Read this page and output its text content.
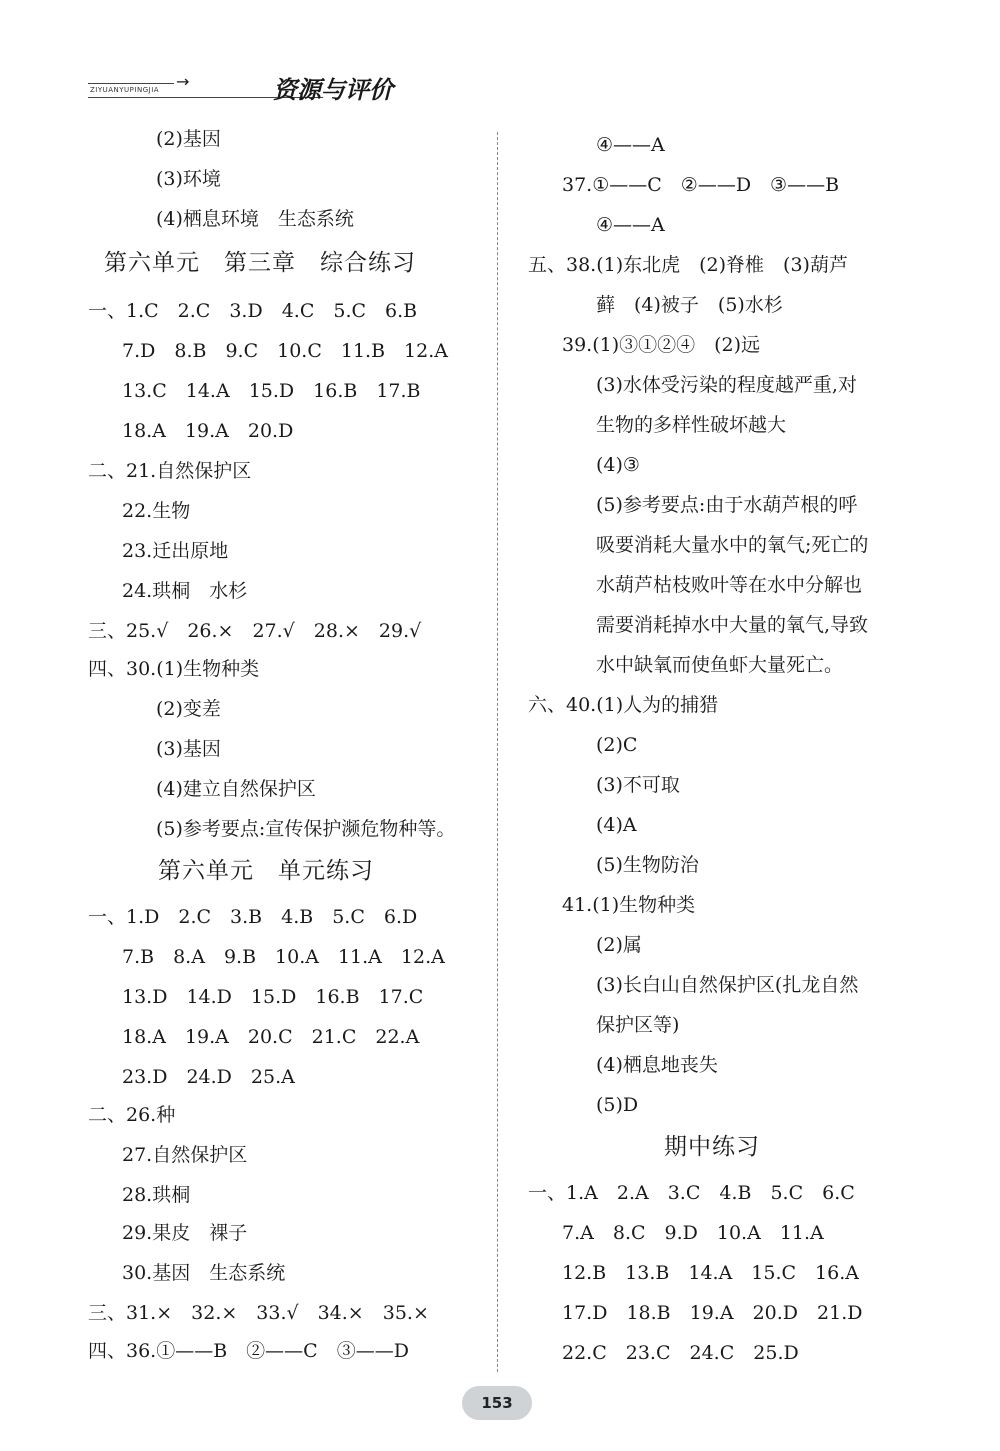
ZIYUANYUPINGJIA →	资源与评价
(2)基因
(3)环境
(4)栖息环境　生态系统
第六单元　第三章　综合练习
一、1.C　2.C　3.D　4.C　5.C　6.B
7.D　8.B　9.C　10.C　11.B　12.A
13.C　14.A　15.D　16.B　17.B
18.A　19.A　20.D
二、21.自然保护区
22.生物
23.迁出原地
24.珙桐　水杉
三、25.√　26.×　27.√　28.×　29.√
四、30.(1)生物种类
(2)变差
(3)基因
(4)建立自然保护区
(5)参考要点:宣传保护濒危物种等。
第六单元　单元练习
一、1.D　2.C　3.B　4.B　5.C　6.D
7.B　8.A　9.B　10.A　11.A　12.A
13.D　14.D　15.D　16.B　17.C
18.A　19.A　20.C　21.C　22.A
23.D　24.D　25.A
二、26.种
27.自然保护区
28.珙桐
29.果皮　裸子
30.基因　生态系统
三、31.×　32.×　33.√　34.×　35.×
四、36.①——B　②——C　③——D
④——A
37.①——C　②——D　③——B
④——A
五、38.(1)东北虎　(2)脊椎　(3)葫芦
藓　(4)被子　(5)水杉
39.(1)③①②④　(2)远
(3)水体受污染的程度越严重,对
生物的多样性破坏越大
(4)③
(5)参考要点:由于水葫芦根的呼
吸要消耗大量水中的氧气;死亡的
水葫芦枯枝败叶等在水中分解也
需要消耗掉水中大量的氧气,导致
水中缺氧而使鱼虾大量死亡。
六、40.(1)人为的捕猎
(2)C
(3)不可取
(4)A
(5)生物防治
41.(1)生物种类
(2)属
(3)长白山自然保护区(扎龙自然
保护区等)
(4)栖息地丧失
(5)D
期中练习
一、1.A　2.A　3.C　4.B　5.C　6.C
7.A　8.C　9.D　10.A　11.A
12.B　13.B　14.A　15.C　16.A
17.D　18.B　19.A　20.D　21.D
22.C　23.C　24.C　25.D
153
